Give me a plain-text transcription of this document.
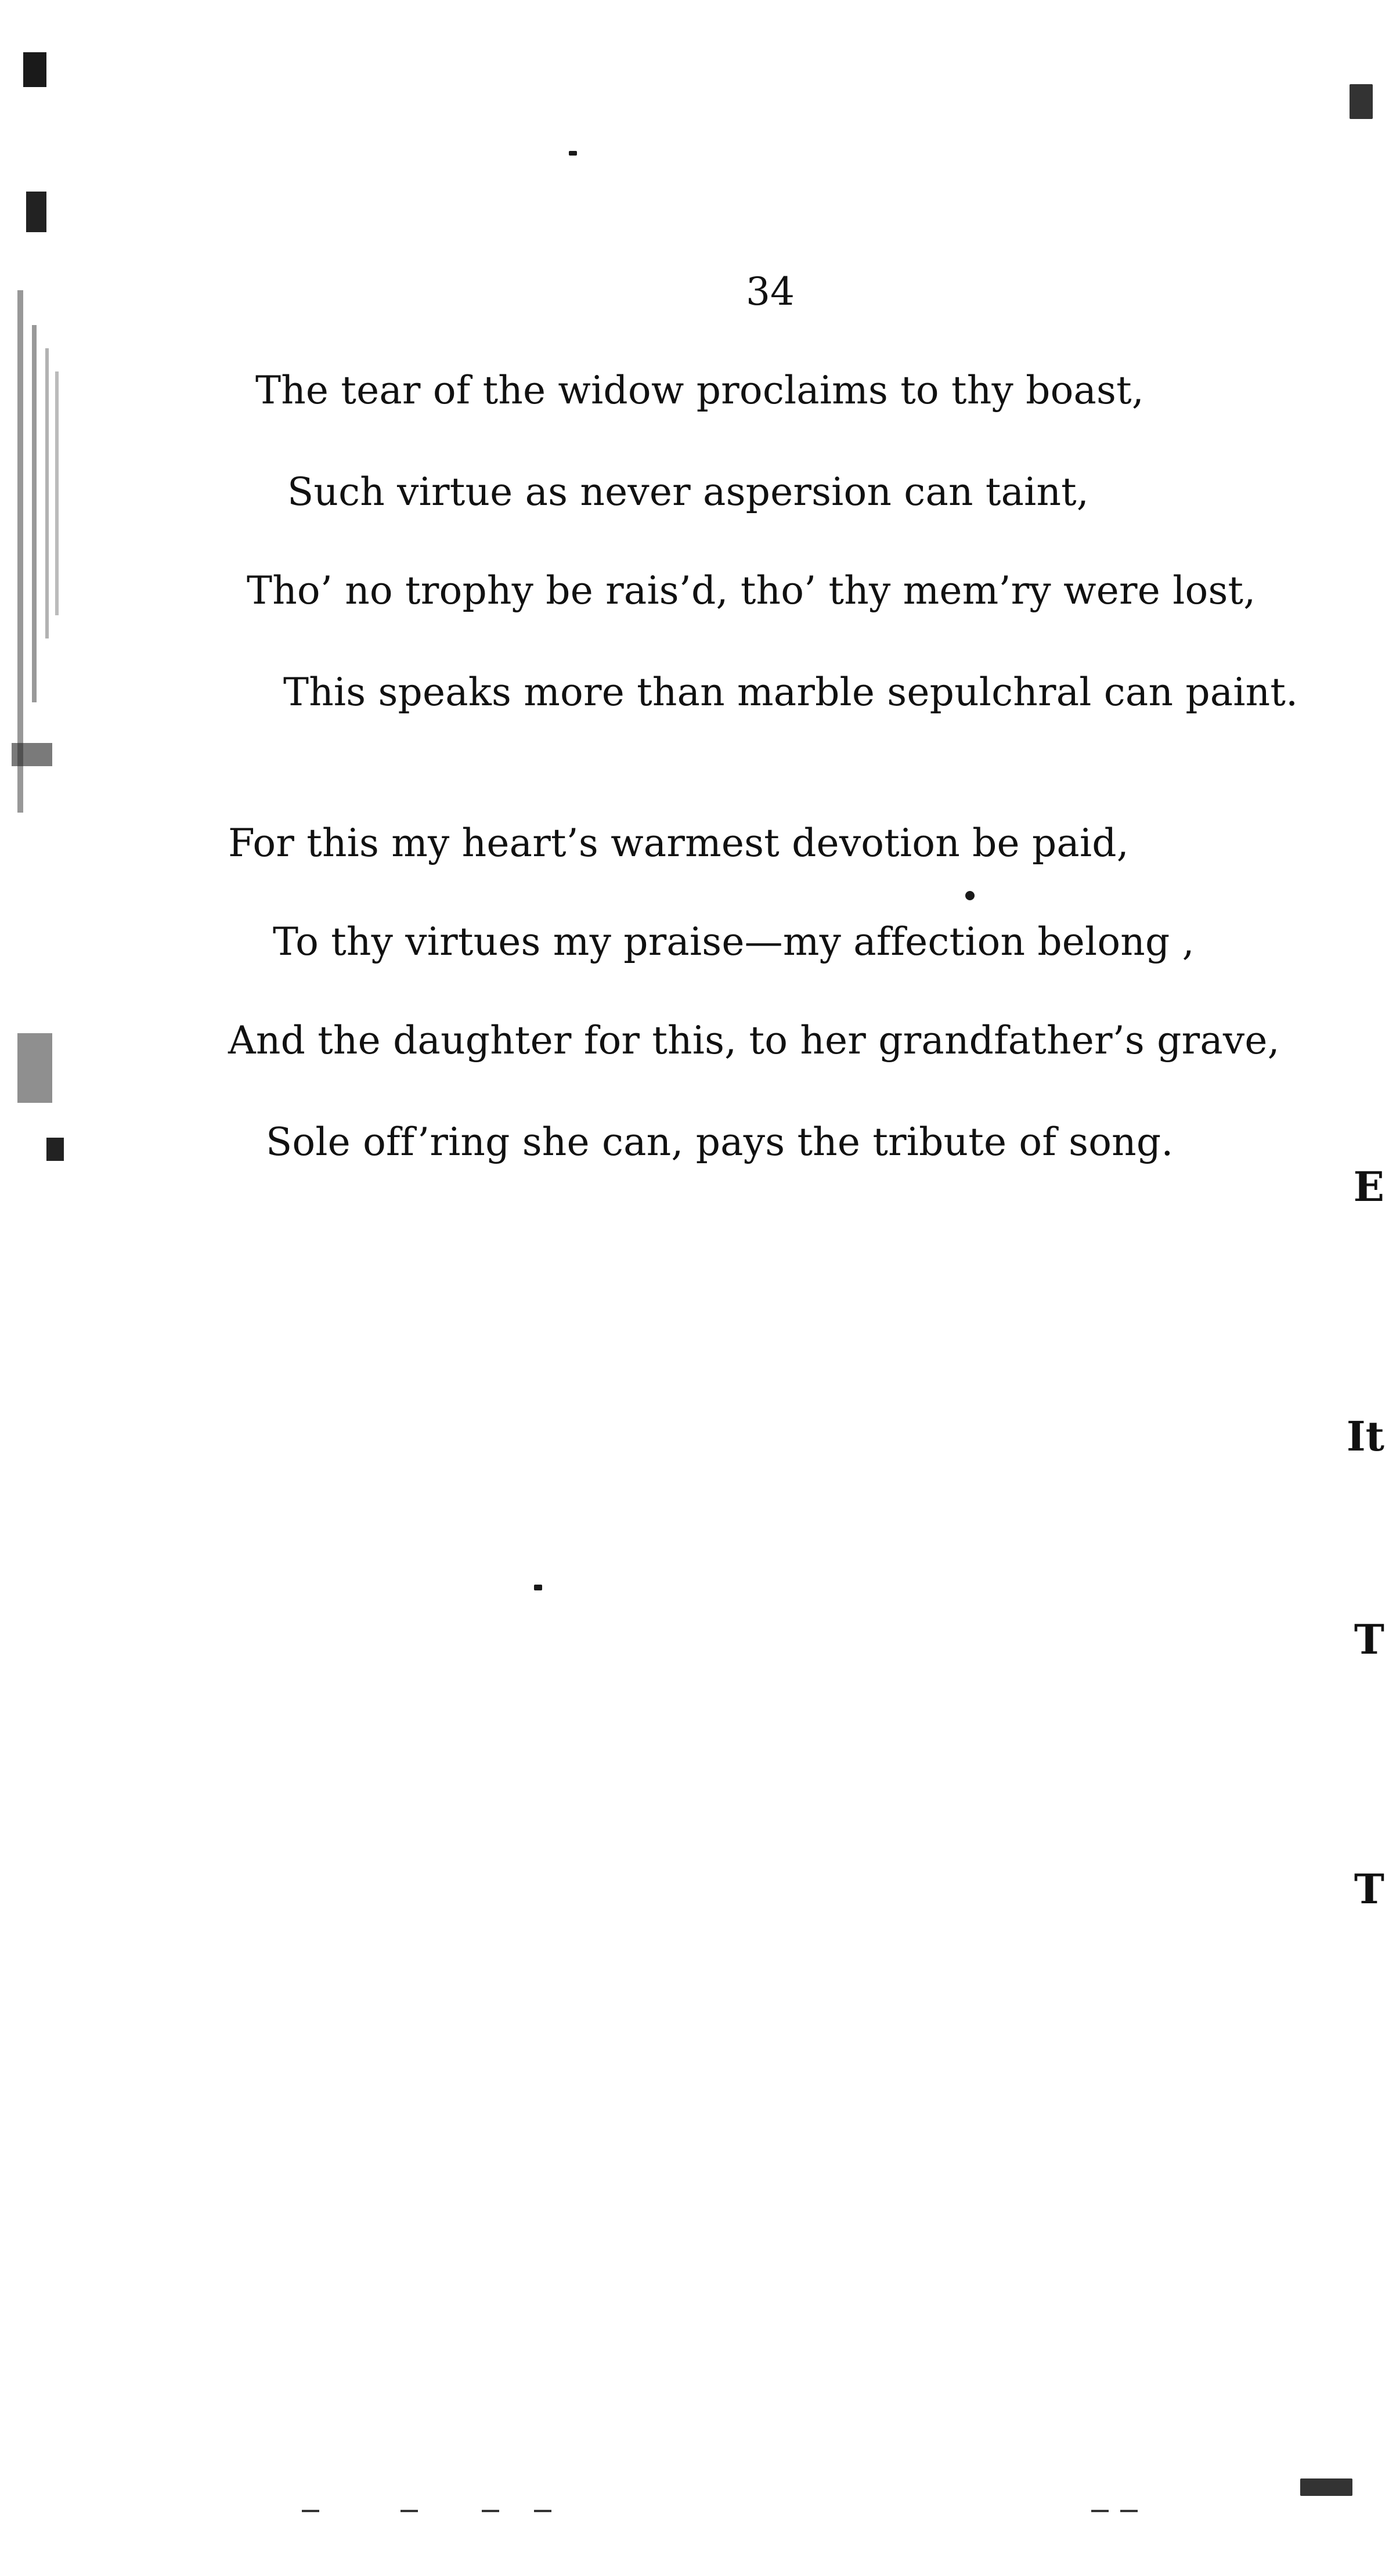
34
The tear of the widow proclaims to thy boast,
Such virtue as never aspersion can taint,
Tho’ no trophy be rais’d, tho’ thy mem’ry were lost,
This speaks more than marble sepulchral can paint.
For this my heart’s warmest devotion be paid,
To thy virtues my praise—my affection belong ,
And the daughter for this, to her grandfather’s grave,
Sole off’ring she can, pays the tribute of song.
E
It
T
T
